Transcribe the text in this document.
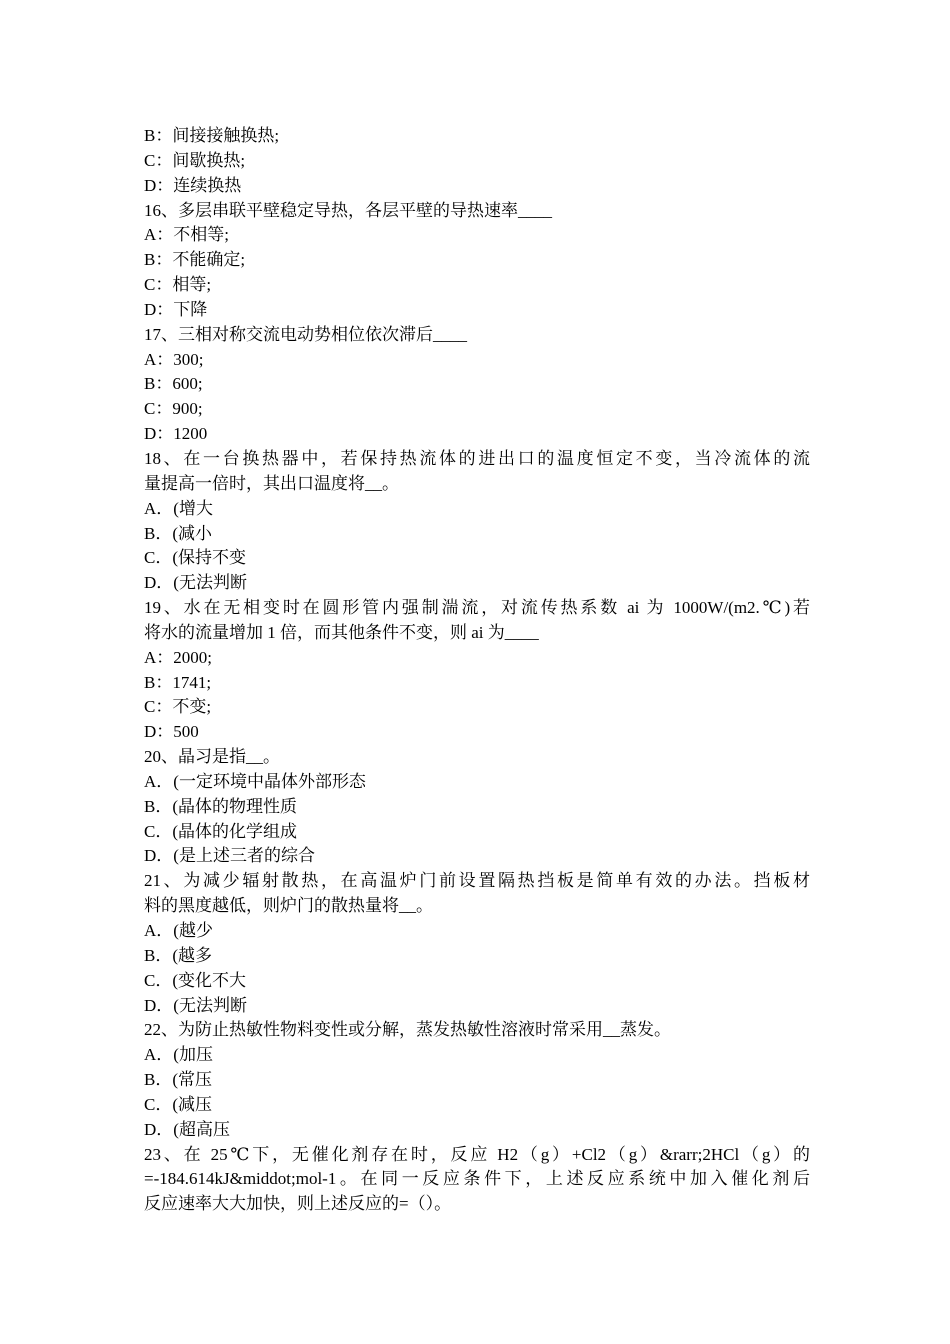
B：间接接触换热;
C：间歇换热;
D：连续换热
16、多层串联平壁稳定导热，各层平壁的导热速率____
A：不相等;
B：不能确定;
C：相等;
D：下降
17、三相对称交流电动势相位依次滞后____
A：300;
B：600;
C：900;
D：1200
18、在一台换热器中，若保持热流体的进出口的温度恒定不变，当冷流体的流
量提高一倍时，其出口温度将__。
A．(增大
B．(减小
C．(保持不变
D．(无法判断
19、水在无相变时在圆形管内强制湍流，对流传热系数 ai 为 1000W/(m2.℃)若
将水的流量增加 1 倍，而其他条件不变，则 ai 为____
A：2000;
B：1741;
C：不变;
D：500
20、晶习是指__。
A．(一定环境中晶体外部形态
B．(晶体的物理性质
C．(晶体的化学组成
D．(是上述三者的综合
21、为减少辐射散热，在高温炉门前设置隔热挡板是简单有效的办法。挡板材
料的黑度越低，则炉门的散热量将__。
A．(越少
B．(越多
C．(变化不大
D．(无法判断
22、为防止热敏性物料变性或分解，蒸发热敏性溶液时常采用__蒸发。
A．(加压
B．(常压
C．(减压
D．(超高压
23、在 25℃下，无催化剂存在时，反应 H2（g）+Cl2（g）&rarr;2HCl（g）的
=-184.614kJ&middot;mol-1。在同一反应条件下，上述反应系统中加入催化剂后
反应速率大大加快，则上述反应的=（）。
